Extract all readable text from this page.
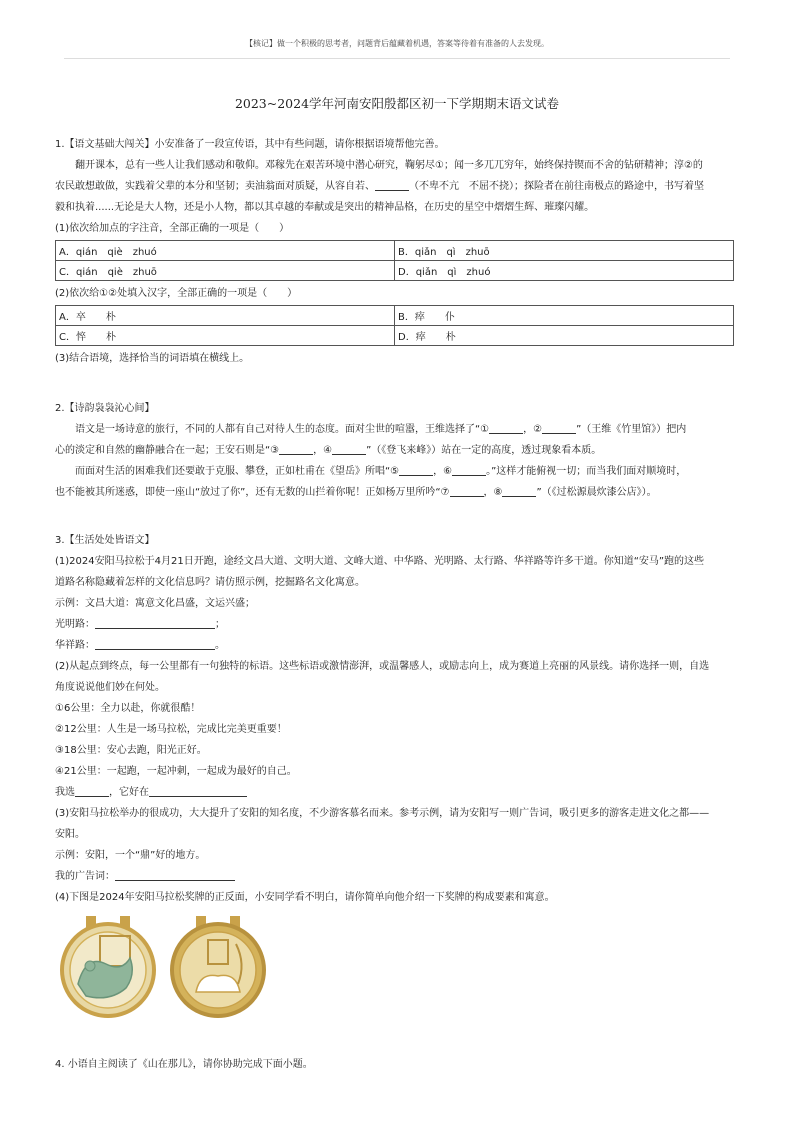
【核记】做一个积极的思考者，问题背后蕴藏着机遇，答案等待着有准备的人去发现。
2023~2024学年河南安阳殷都区初一下学期期末语文试卷
1.【语文基础大闯关】小安准备了一段宣传语，其中有些问题，请你根据语境帮他完善。
翻开课本，总有一些人让我们感动和敬仰。邓稼先在艰苦环境中潜心研究，鞠躬尽①；闻一多兀兀穷年，始终保持锲而不舍的钻研精神；淳②的
农民敢想敢做，实践着父辈的本分和坚韧；卖油翁面对质疑，从容自若、	（不卑不亢　不屈不挠）；探险者在前往南极点的路途中，书写着坚
毅和执着......无论是大人物，还是小人物，都以其卓越的奉献或是突出的精神品格，在历史的星空中熠熠生辉、璀璨闪耀。
(1)依次给加点的字注音，全部正确的一项是（　　）
A．qián　qiè　zhuó	B．qiǎn　qì　zhuō
C．qián　qiè　zhuō	D．qiǎn　qì　zhuó
(2)依次给①②处填入汉字，全部正确的一项是（　　）
A．卒　　朴	B．瘁　　仆
C．悴　　朴	D．瘁　　朴
(3)结合语境，选择恰当的词语填在横线上。
2.【诗韵袅袅沁心间】
语文是一场诗意的旅行，不同的人都有自己对待人生的态度。面对尘世的喧嚣，王维选择了“①	，②	”（王维《竹里馆》）把内
心的淡定和自然的幽静融合在一起；王安石则是“③	，④	”（《登飞来峰》）站在一定的高度，透过现象看本质。
而面对生活的困难我们还要敢于克服、攀登，正如杜甫在《望岳》所唱“⑤	，⑥	。”这样才能俯视一切；而当我们面对顺境时，
也不能被其所迷惑，即使一座山“放过了你”，还有无数的山拦着你呢！正如杨万里所吟“⑦	，⑧	”（《过松源晨炊漆公店》）。
3.【生活处处皆语文】
(1)2024安阳马拉松于4月21日开跑，途经文昌大道、文明大道、文峰大道、中华路、光明路、太行路、华祥路等许多干道。你知道“安马”跑的这些
道路名称隐藏着怎样的文化信息吗？请仿照示例，挖掘路名文化寓意。
示例：文昌大道：寓意文化昌盛，文运兴盛；
光明路：	；
华祥路：	。
(2)从起点到终点，每一公里都有一句独特的标语。这些标语或激情澎湃，或温馨感人，或励志向上，成为赛道上亮丽的风景线。请你选择一则，自选
角度说说他们妙在何处。
①6公里：全力以赴，你就很酷！
②12公里：人生是一场马拉松，完成比完美更重要！
③18公里：安心去跑，阳光正好。
④21公里：一起跑，一起冲刺，一起成为最好的自己。
我选	，它好在
(3)安阳马拉松举办的很成功，大大提升了安阳的知名度，不少游客慕名而来。参考示例，请为安阳写一则广告词，吸引更多的游客走进文化之都——
安阳。
示例：安阳，一个“鼎”好的地方。
我的广告词：
(4)下图是2024年安阳马拉松奖牌的正反面，小安同学看不明白，请你简单向他介绍一下奖牌的构成要素和寓意。
4. 小语自主阅读了《山在那儿》，请你协助完成下面小题。
